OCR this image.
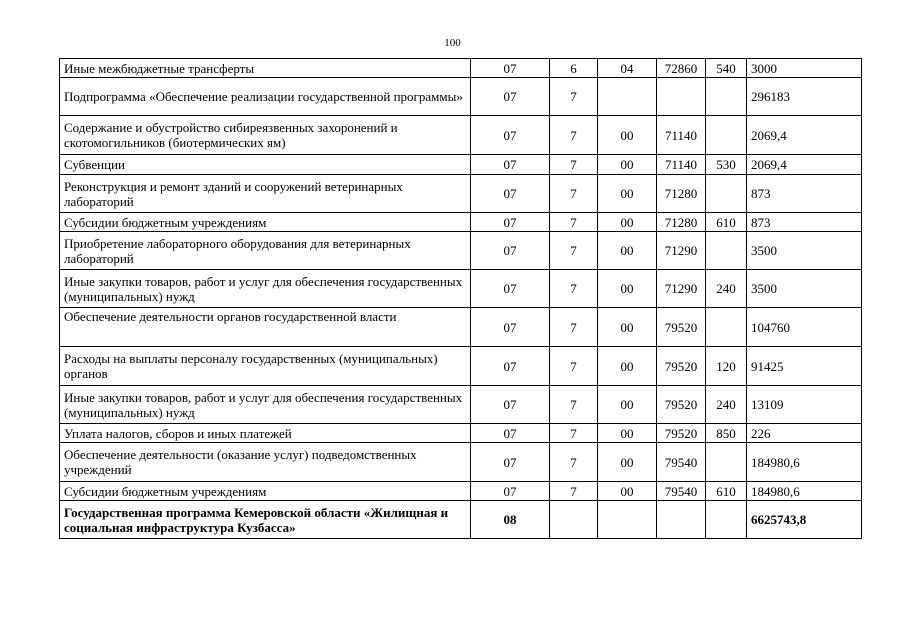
100
Иные межбюджетные трансферты	07	6	04	72860	540	3000
Подпрограмма «Обеспечение реализации государственной программы»	07	7				296183
Содержание и обустройство сибиреязвенных захоронений и скотомогильников (биотермических ям)	07	7	00	71140		2069,4
Субвенции	07	7	00	71140	530	2069,4
Реконструкция и ремонт зданий и сооружений ветеринарных лабораторий	07	7	00	71280		873
Субсидии бюджетным учреждениям	07	7	00	71280	610	873
Приобретение лабораторного оборудования для ветеринарных лабораторий	07	7	00	71290		3500
Иные закупки товаров, работ и услуг для обеспечения государственных (муниципальных) нужд	07	7	00	71290	240	3500
Обеспечение деятельности органов государственной власти	07	7	00	79520		104760
Расходы на выплаты персоналу государственных (муниципальных) органов	07	7	00	79520	120	91425
Иные закупки товаров, работ и услуг для обеспечения государственных (муниципальных) нужд	07	7	00	79520	240	13109
Уплата налогов, сборов и иных платежей	07	7	00	79520	850	226
Обеспечение деятельности (оказание услуг) подведомственных учреждений	07	7	00	79540		184980,6
Субсидии бюджетным учреждениям	07	7	00	79540	610	184980,6
Государственная программа Кемеровской области «Жилищная и социальная инфраструктура Кузбасса»	08					6625743,8
